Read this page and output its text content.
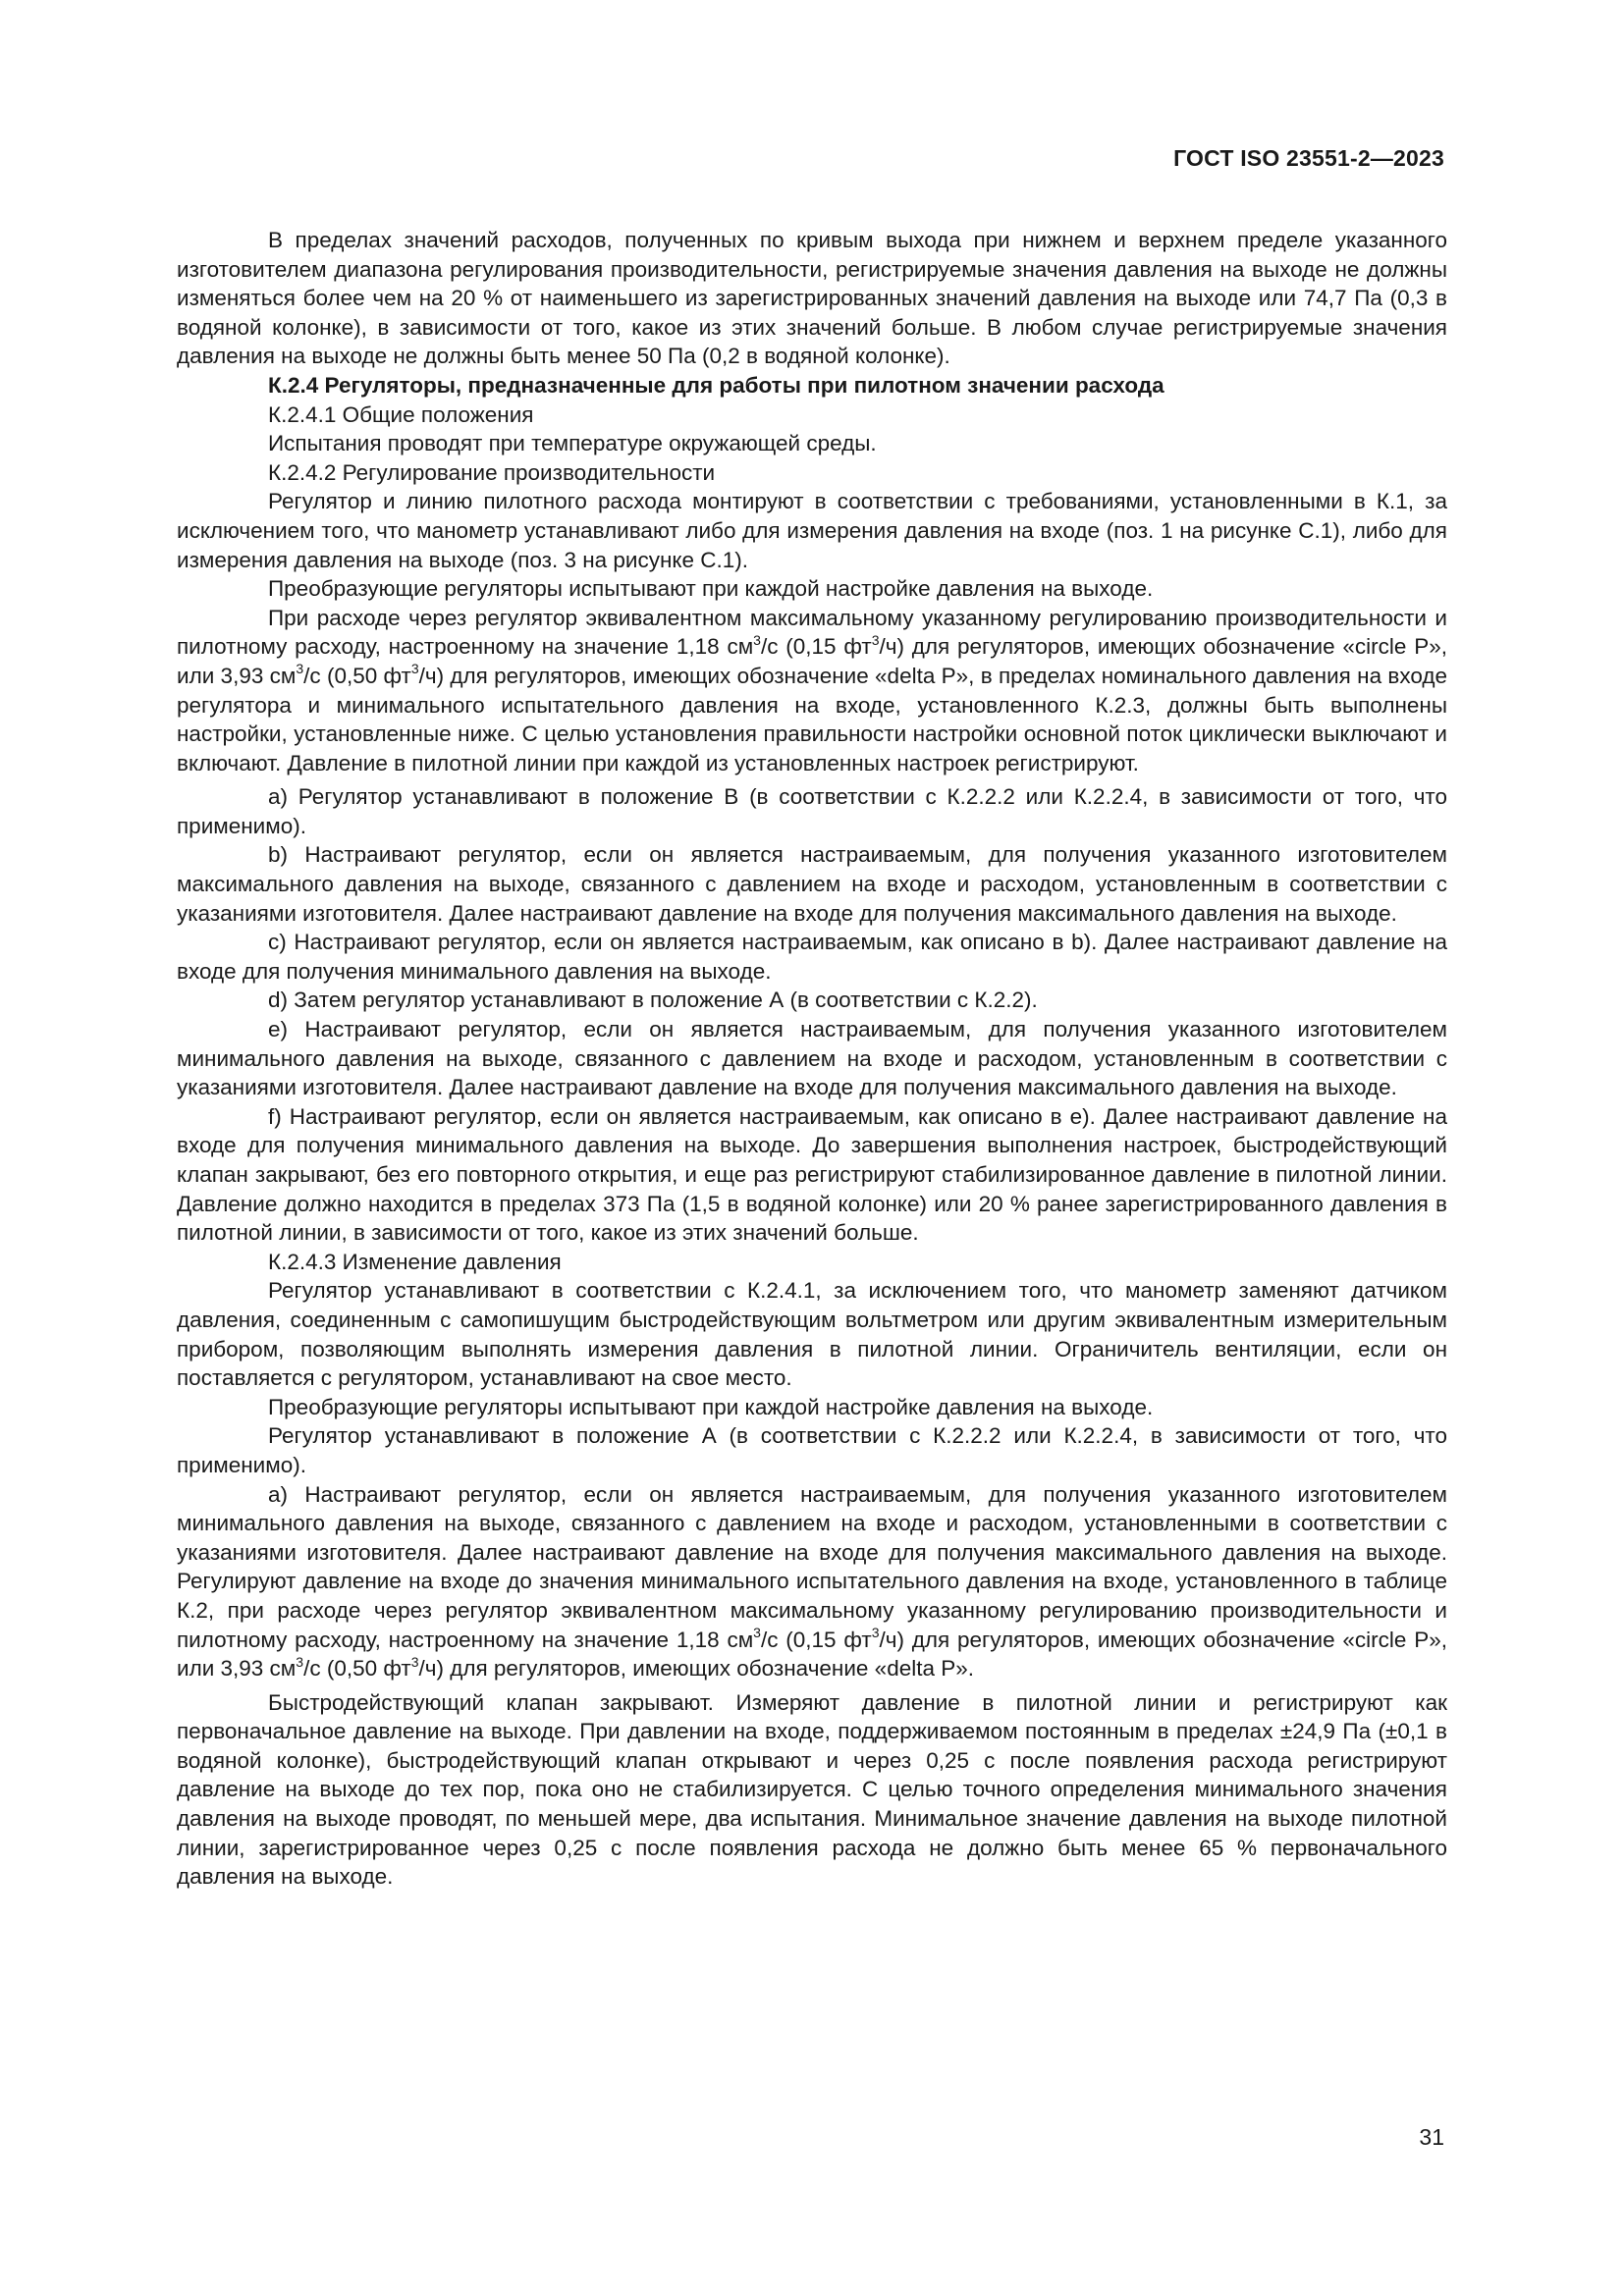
ГОСТ ISO 23551-2—2023

В пределах значений расходов, полученных по кривым выхода при нижнем и верхнем пределе указанного изготовителем диапазона регулирования производительности, регистрируемые значения давления на выходе не должны изменяться более чем на 20 % от наименьшего из зарегистрированных значений давления на выходе или 74,7 Па (0,3 в водяной колонке), в зависимости от того, какое из этих значений больше. В любом случае регистрируемые значения давления на выходе не должны быть менее 50 Па (0,2 в водяной колонке).

К.2.4 Регуляторы, предназначенные для работы при пилотном значении расхода

К.2.4.1 Общие положения

Испытания проводят при температуре окружающей среды.

К.2.4.2 Регулирование производительности

Регулятор и линию пилотного расхода монтируют в соответствии с требованиями, установленными в К.1, за исключением того, что манометр устанавливают либо для измерения давления на входе (поз. 1 на рисунке С.1), либо для измерения давления на выходе (поз. 3 на рисунке С.1).

Преобразующие регуляторы испытывают при каждой настройке давления на выходе.

При расходе через регулятор эквивалентном максимальному указанному регулированию производительности и пилотному расходу, настроенному на значение 1,18 $см^3/с$ (0,15 $фт^3/ч$) для регуляторов, имеющих обозначение «circle P», или 3,93 $см^3/с$ (0,50 $фт^3/ч$) для регуляторов, имеющих обозначение «delta P», в пределах номинального давления на входе регулятора и минимального испытательного давления на входе, установленного К.2.3, должны быть выполнены настройки, установленные ниже. С целью установления правильности настройки основной поток циклически выключают и включают. Давление в пилотной линии при каждой из установленных настроек регистрируют.

а) Регулятор устанавливают в положение В (в соответствии с К.2.2.2 или К.2.2.4, в зависимости от того, что применимо).

b) Настраивают регулятор, если он является настраиваемым, для получения указанного изготовителем максимального давления на выходе, связанного с давлением на входе и расходом, установленным в соответствии с указаниями изготовителя. Далее настраивают давление на входе для получения максимального давления на выходе.

c) Настраивают регулятор, если он является настраиваемым, как описано в b). Далее настраивают давление на входе для получения минимального давления на выходе.

d) Затем регулятор устанавливают в положение А (в соответствии с К.2.2).

e) Настраивают регулятор, если он является настраиваемым, для получения указанного изготовителем минимального давления на выходе, связанного с давлением на входе и расходом, установленным в соответствии с указаниями изготовителя. Далее настраивают давление на входе для получения максимального давления на выходе.

f) Настраивают регулятор, если он является настраиваемым, как описано в e). Далее настраивают давление на входе для получения минимального давления на выходе. До завершения выполнения настроек, быстродействующий клапан закрывают, без его повторного открытия, и еще раз регистрируют стабилизированное давление в пилотной линии. Давление должно находится в пределах 373 Па (1,5 в водяной колонке) или 20 % ранее зарегистрированного давления в пилотной линии, в зависимости от того, какое из этих значений больше.

К.2.4.3 Изменение давления

Регулятор устанавливают в соответствии с К.2.4.1, за исключением того, что манометр заменяют датчиком давления, соединенным с самопишущим быстродействующим вольтметром или другим эквивалентным измерительным прибором, позволяющим выполнять измерения давления в пилотной линии. Ограничитель вентиляции, если он поставляется с регулятором, устанавливают на свое место.

Преобразующие регуляторы испытывают при каждой настройке давления на выходе.

Регулятор устанавливают в положение А (в соответствии с К.2.2.2 или К.2.2.4, в зависимости от того, что применимо).

а) Настраивают регулятор, если он является настраиваемым, для получения указанного изготовителем минимального давления на выходе, связанного с давлением на входе и расходом, установленными в соответствии с указаниями изготовителя. Далее настраивают давление на входе для получения максимального давления на выходе. Регулируют давление на входе до значения минимального испытательного давления на входе, установленного в таблице К.2, при расходе через регулятор эквивалентном максимальному указанному регулированию производительности и пилотному расходу, настроенному на значение 1,18 $см^3/с$ (0,15 $фт^3/ч$) для регуляторов, имеющих обозначение «circle P», или 3,93 $см^3/с$ (0,50 $фт^3/ч$) для регуляторов, имеющих обозначение «delta P».

Быстродействующий клапан закрывают. Измеряют давление в пилотной линии и регистрируют как первоначальное давление на выходе. При давлении на входе, поддерживаемом постоянным в пределах ±24,9 Па (±0,1 в водяной колонке), быстродействующий клапан открывают и через 0,25 с после появления расхода регистрируют давление на выходе до тех пор, пока оно не стабилизируется. С целью точного определения минимального значения давления на выходе проводят, по меньшей мере, два испытания. Минимальное значение давления на выходе пилотной линии, зарегистрированное через 0,25 с после появления расхода не должно быть менее 65 % первоначального давления на выходе.

31
